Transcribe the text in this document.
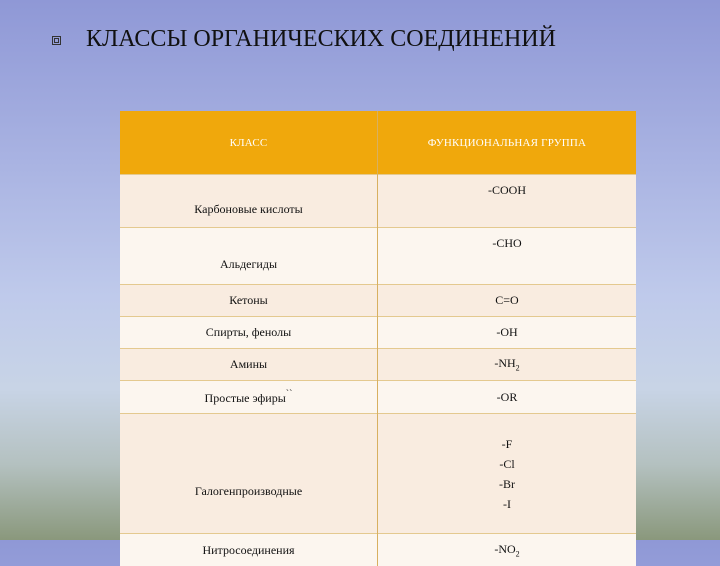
КЛАССЫ ОРГАНИЧЕСКИХ СОЕДИНЕНИЙ
КЛАСС	ФУНКЦИОНАЛЬНАЯ ГРУППА
Карбоновые кислоты	-COOH
Альдегиды	-CHO
Кетоны	C=O
Спирты, фенолы	-OH
Амины	$-NH_2$
Простые эфиры``	-OR
Галогенпроизводные	-F
-Cl
-Br
-I

Нитросоединения	$-NO_2$
